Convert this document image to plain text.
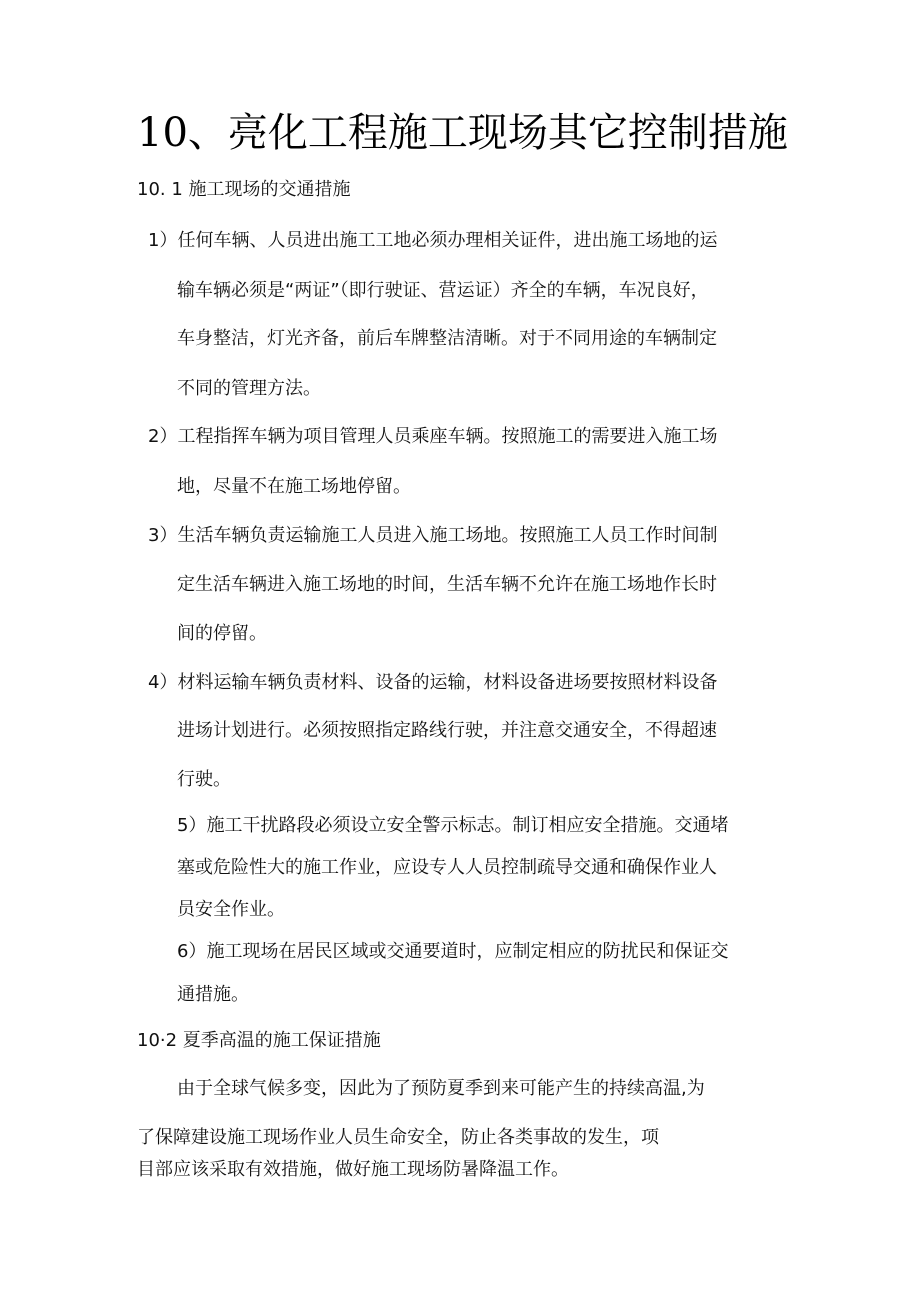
10、亮化工程施工现场其它控制措施
10. 1 施工现场的交通措施
1）任何车辆、人员进出施工工地必须办理相关证件，进出施工场地的运
输车辆必须是“两证”（即行驶证、营运证）齐全的车辆，车况良好，
车身整洁，灯光齐备，前后车牌整洁清晰。对于不同用途的车辆制定
不同的管理方法。
2）工程指挥车辆为项目管理人员乘座车辆。按照施工的需要进入施工场
地，尽量不在施工场地停留。
3）生活车辆负责运输施工人员进入施工场地。按照施工人员工作时间制
定生活车辆进入施工场地的时间，生活车辆不允许在施工场地作长时
间的停留。
4）材料运输车辆负责材料、设备的运输，材料设备进场要按照材料设备
进场计划进行。必须按照指定路线行驶，并注意交通安全，不得超速
行驶。
5）施工干扰路段必须设立安全警示标志。制订相应安全措施。交通堵
塞或危险性大的施工作业，应设专人人员控制疏导交通和确保作业人
员安全作业。
6）施工现场在居民区域或交通要道时，应制定相应的防扰民和保证交
通措施。
10·2 夏季高温的施工保证措施
由于全球气候多变，因此为了预防夏季到来可能产生的持续高温,为
了保障建设施工现场作业人员生命安全，防止各类事故的发生，项
目部应该采取有效措施，做好施工现场防暑降温工作。
